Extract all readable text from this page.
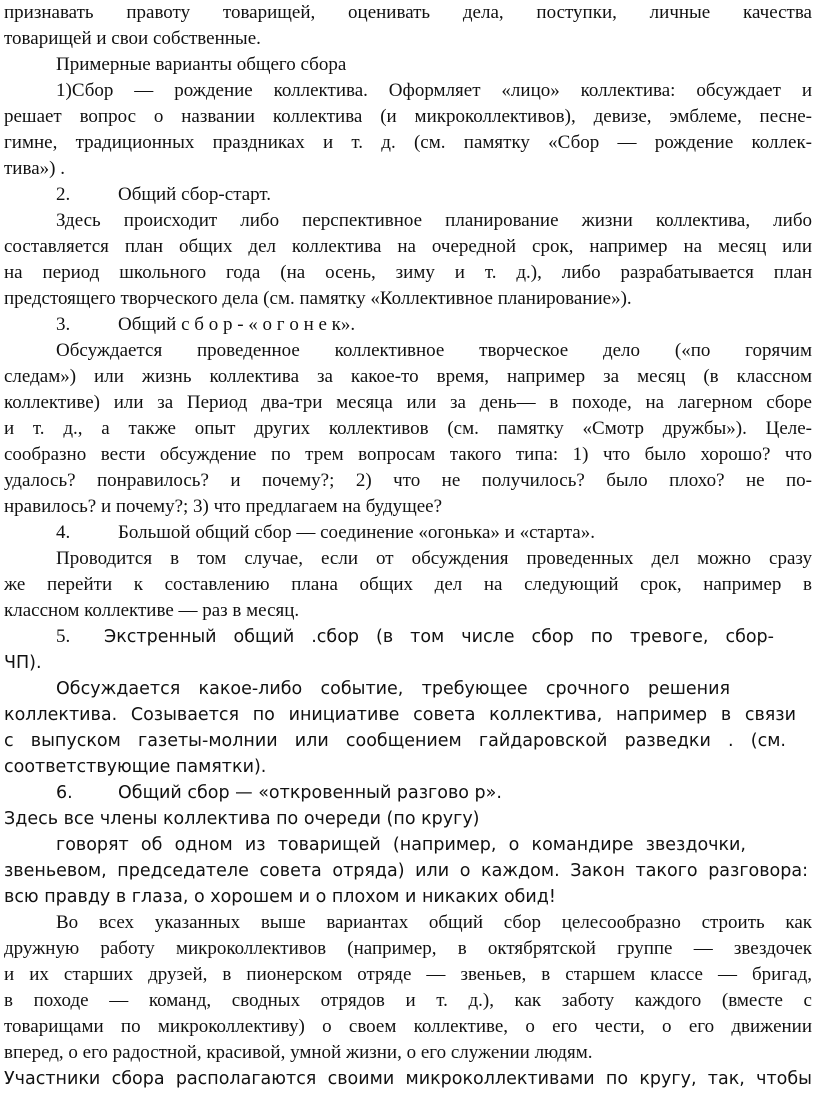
признавать правоту товарищей, оценивать дела, поступки, личные качества
товарищей и свои собственные.
Примерные варианты общего сбора
1)Сбор — рождение коллектива. Оформляет «лицо» коллектива: обсуждает и
решает вопрос о названии коллектива (и микроколлективов), девизе, эмблеме, песне-
гимне, традиционных праздниках и т. д. (см. памятку «Сбор — рождение коллек-
тива») .
2.	Общий сбор-старт.
Здесь происходит либо перспективное планирование жизни коллектива, либо
составляется план общих дел коллектива на очередной срок, например на месяц или
на период школьного года (на осень, зиму и т. д.), либо разрабатывается план
предстоящего творческого дела (см. памятку «Коллективное планирование»).
3.	Общий с б о р - « о г о н е к».
Обсуждается проведенное коллективное творческое дело («по горячим
следам») или жизнь коллектива за какое-то время, например за месяц (в классном
коллективе) или за Период два-три месяца или за день— в походе, на лагерном сборе
и т. д., а также опыт других коллективов (см. памятку «Смотр дружбы»). Целе-
сообразно вести обсуждение по трем вопросам такого типа: 1) что было хорошо? что
удалось? понравилось? и почему?; 2) что не получилось? было плохо? не по-
нравилось? и почему?; 3) что предлагаем на будущее?
4.	Большой общий сбор — соединение «огонька» и «старта».
Проводится в том случае, если от обсуждения проведенных дел можно сразу
же перейти к составлению плана общих дел на следующий срок, например в
классном коллективе — раз в месяц.
5.	Экстренный общий .сбор (в том числе сбор по тревоге, сбор-
ЧП).
Обсуждается какое-либо событие, требующее срочного решения
коллектива. Созывается по инициативе совета коллектива, например в связи
с выпуском газеты-молнии или сообщением гайдаровской разведки . (см.
соответствующие памятки).
6.	Общий сбор — «откровенный разгово р».
Здесь все члены коллектива по очереди (по кругу)
говорят об одном из товарищей (например, о командире звездочки,
звеньевом, председателе совета отряда) или о каждом. Закон такого разговора:
всю правду в глаза, о хорошем и о плохом и никаких обид!
Во всех указанных выше вариантах общий сбор целесообразно строить как
дружную работу микроколлективов (например, в октябрятской группе — звездочек
и их старших друзей, в пионерском отряде — звеньев, в старшем классе — бригад,
в походе — команд, сводных отрядов и т. д.), как заботу каждого (вместе с
товарищами по микроколлективу) о своем коллективе, о его чести, о его движении
вперед, о его радостной, красивой, умной жизни, о его служении людям.
Участники сбора располагаются своими микроколлективами по кругу, так, чтобы
